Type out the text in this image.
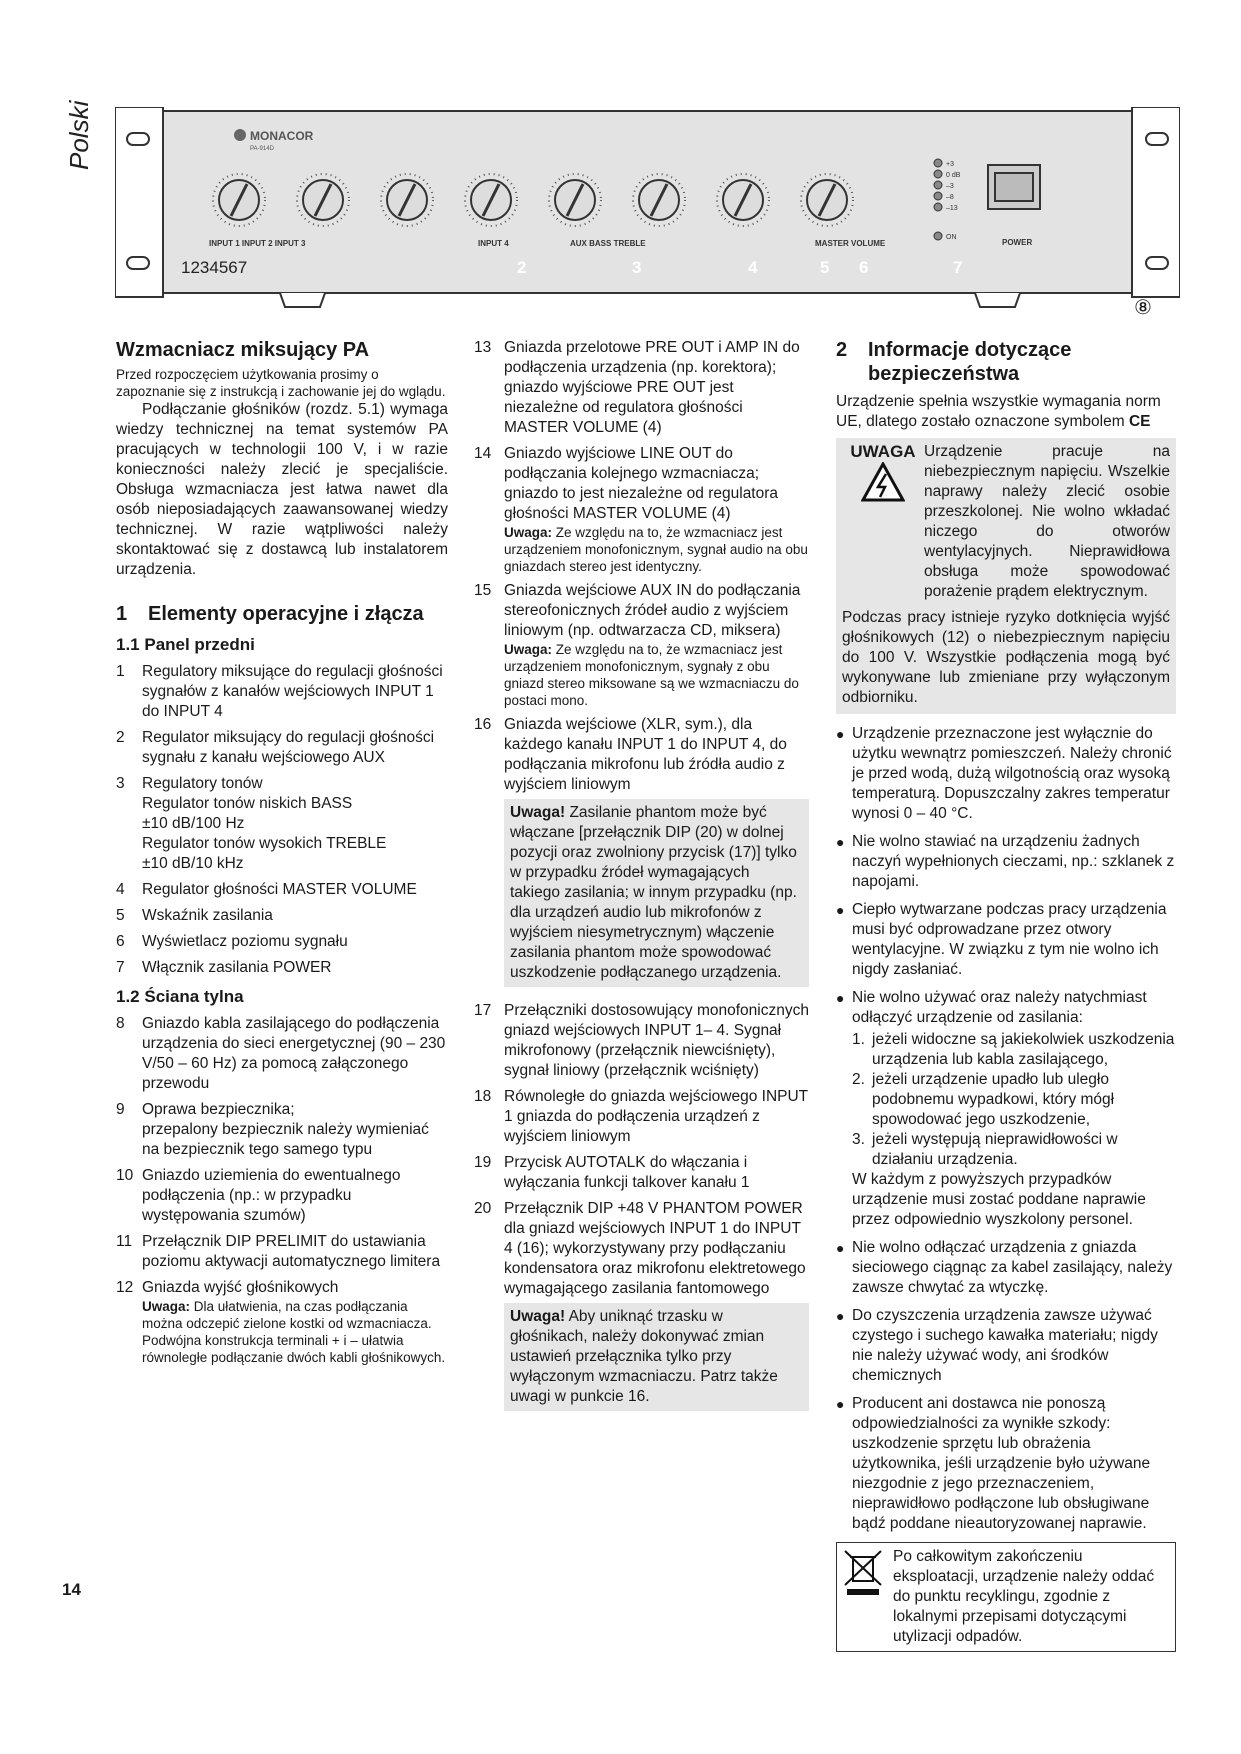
Polski	MONACOR
PA-914D
INPUT 1 INPUT 2 INPUT 3	INPUT 4	AUX BASS TREBLE	MASTER VOLUME
+3
0 dB
–3
–8
–13
ON
POWER
1234567	2	3	4	5 6	7
⑧
Wzmacniacz miksujący PA

Przed rozpoczęciem użytkowania prosimy o zapoznanie się z instrukcją i zachowanie jej do wglądu.

Podłączanie głośników (rozdz. 5.1) wymaga wiedzy technicznej na temat systemów PA pracujących w technologii 100 V, i w razie konieczności należy zlecić je specjaliście. Obsługa wzmacniacza jest łatwa nawet dla osób nieposiadających zaawansowanej wiedzy technicznej. W razie wątpliwości należy skontaktować się z dostawcą lub instalatorem urządzenia.

1	Elementy operacyjne i złącza
1.1 Panel przedni
1	Regulatory miksujące do regulacji głośności sygnałów z kanałów wejściowych INPUT 1 do INPUT 4
2	Regulator miksujący do regulacji głośności sygnału z kanału wejściowego AUX
3	Regulatory tonów
Regulator tonów niskich BASS
±10 dB/100 Hz
Regulator tonów wysokich TREBLE
±10 dB/10 kHz
4	Regulator głośności MASTER VOLUME
5	Wskaźnik zasilania
6	Wyświetlacz poziomu sygnału
7	Włącznik zasilania POWER
1.2 Ściana tylna
8	Gniazdo kabla zasilającego do podłączenia urządzenia do sieci energetycznej (90 – 230 V/50 – 60 Hz) za pomocą załączonego przewodu
9	Oprawa bezpiecznika;
przepalony bezpiecznik należy wymieniać na bezpiecznik tego samego typu
10 Gniazdo uziemienia do ewentualnego podłączenia (np.: w przypadku występowania szumów)
11 Przełącznik DIP PRELIMIT do ustawiania poziomu aktywacji automatycznego limitera
12 Gniazda wyjść głośnikowych
Uwaga: Dla ułatwienia, na czas podłączania można odczepić zielone kostki od wzmacniacza. Podwójna konstrukcja terminali + i – ułatwia równoległe podłączanie dwóch kabli głośnikowych.
13 Gniazda przelotowe PRE OUT i AMP IN do podłączenia urządzenia (np. korektora);
gniazdo wyjściowe PRE OUT jest niezależne od regulatora głośności MASTER VOLUME (4)
14 Gniazdo wyjściowe LINE OUT do podłączania kolejnego wzmacniacza;
gniazdo to jest niezależne od regulatora głośności MASTER VOLUME (4)
Uwaga: Ze względu na to, że wzmacniacz jest urządzeniem monofonicznym, sygnał audio na obu gniazdach stereo jest identyczny.
15 Gniazda wejściowe AUX IN do podłączania stereofonicznych źródeł audio z wyjściem liniowym (np. odtwarzacza CD, miksera)
Uwaga: Ze względu na to, że wzmacniacz jest urządzeniem monofonicznym, sygnały z obu gniazd stereo miksowane są we wzmacniaczu do postaci mono.
16 Gniazda wejściowe (XLR, sym.), dla każdego kanału INPUT 1 do INPUT 4, do podłączania mikrofonu lub źródła audio z wyjściem liniowym
Uwaga! Zasilanie phantom może być włączane [przełącznik DIP (20) w dolnej pozycji oraz zwolniony przycisk (17)] tylko w przypadku źródeł wymagających takiego zasilania; w innym przypadku (np. dla urządzeń audio lub mikrofonów z wyjściem niesymetrycznym) włączenie zasilania phantom może spowodować uszkodzenie podłączanego urządzenia.
17 Przełączniki dostosowujący monofonicznych gniazd wejściowych INPUT 1– 4. Sygnał mikrofonowy (przełącznik niewciśnięty), sygnał liniowy (przełącznik wciśnięty)
18 Równoległe do gniazda wejściowego INPUT 1 gniazda do podłączenia urządzeń z wyjściem liniowym
19 Przycisk AUTOTALK do włączania i wyłączania funkcji talkover kanału 1
20 Przełącznik DIP +48 V PHANTOM POWER dla gniazd wejściowych INPUT 1 do INPUT 4 (16); wykorzystywany przy podłączaniu kondensatora oraz mikrofonu elektretowego wymagającego zasilania fantomowego
Uwaga! Aby uniknąć trzasku w głośnikach, należy dokonywać zmian ustawień przełącznika tylko przy wyłączonym wzmacniaczu. Patrz także uwagi w punkcie 16.
2	Informacje dotyczące bezpieczeństwa

Urządzenie spełnia wszystkie wymagania norm UE, dlatego zostało oznaczone symbolem CE

UWAGA Urządzenie pracuje na niebezpiecznym napięciu. Wszelkie naprawy należy zlecić osobie przeszkolonej. Nie wolno wkładać niczego do otworów wentylacyjnych. Nieprawidłowa obsługa może spowodować porażenie prądem elektrycznym.

Podczas pracy istnieje ryzyko dotknięcia wyjść głośnikowych (12) o niebezpiecznym napięciu do 100 V. Wszystkie podłączenia mogą być wykonywane lub zmieniane przy wyłączonym odbiorniku.

● Urządzenie przeznaczone jest wyłącznie do użytku wewnątrz pomieszczeń. Należy chronić je przed wodą, dużą wilgotnością oraz wysoką temperaturą. Dopuszczalny zakres temperatur wynosi 0 – 40 °C.
● Nie wolno stawiać na urządzeniu żadnych naczyń wypełnionych cieczami, np.: szklanek z napojami.
● Ciepło wytwarzane podczas pracy urządzenia musi być odprowadzane przez otwory wentylacyjne. W związku z tym nie wolno ich nigdy zasłaniać.
● Nie wolno używać oraz należy natychmiast odłączyć urządzenie od zasilania:
1. jeżeli widoczne są jakiekolwiek uszkodzenia urządzenia lub kabla zasilającego,
2. jeżeli urządzenie upadło lub uległo podobnemu wypadkowi, który mógł spowodować jego uszkodzenie,
3. jeżeli występują nieprawidłowości w działaniu urządzenia.
W każdym z powyższych przypadków urządzenie musi zostać poddane naprawie przez odpowiednio wyszkolony personel.
● Nie wolno odłączać urządzenia z gniazda sieciowego ciągnąc za kabel zasilający, należy zawsze chwytać za wtyczkę.
● Do czyszczenia urządzenia zawsze używać czystego i suchego kawałka materiału; nigdy nie należy używać wody, ani środków chemicznych
● Producent ani dostawca nie ponoszą odpowiedzialności za wynikłe szkody: uszkodzenie sprzętu lub obrażenia użytkownika, jeśli urządzenie było używane niezgodnie z jego przeznaczeniem, nieprawidłowo podłączone lub obsługiwane bądź poddane nieautoryzowanej naprawie.
Po całkowitym zakończeniu eksploatacji, urządzenie należy oddać do punktu recyklingu, zgodnie z lokalnymi przepisami dotyczącymi utylizacji odpadów.
14
